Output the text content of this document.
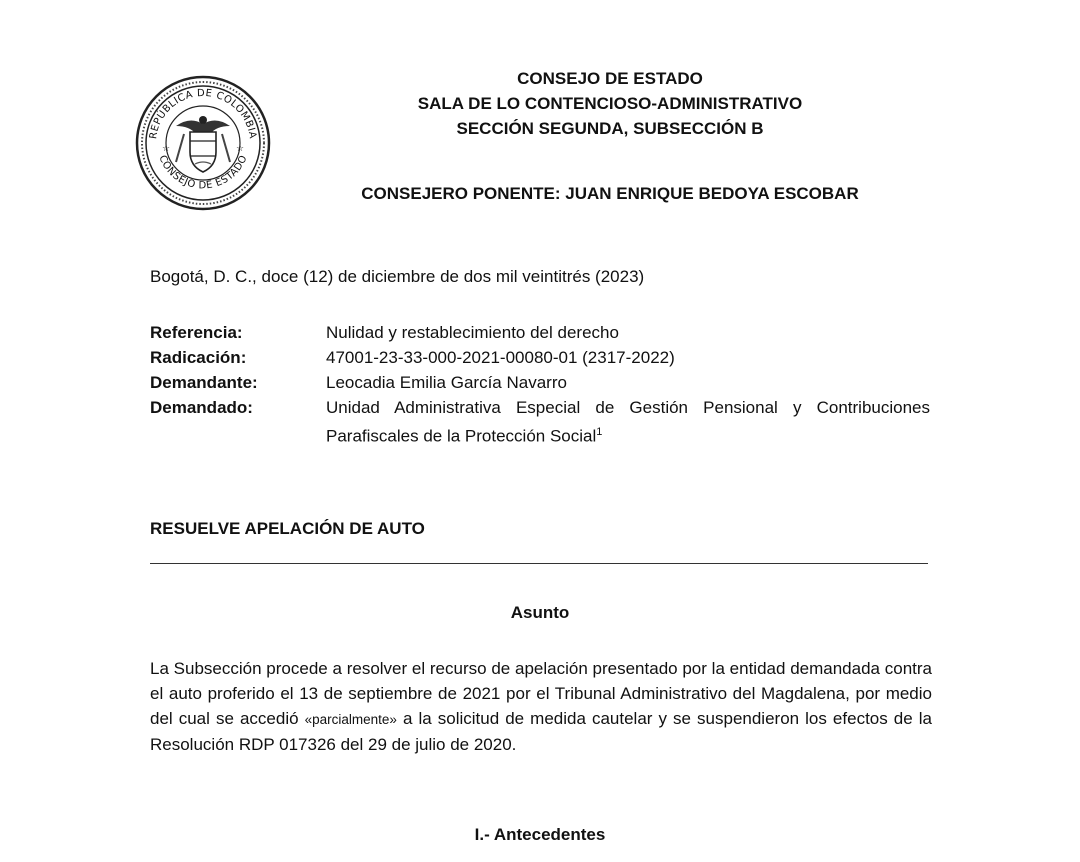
REPÚBLICA DE COLOMBIA
CONSEJO DE ESTADO
☆	☆
CONSEJO DE ESTADO
SALA DE LO CONTENCIOSO-ADMINISTRATIVO
SECCIÓN SEGUNDA, SUBSECCIÓN B
CONSEJERO PONENTE: JUAN ENRIQUE BEDOYA ESCOBAR
Bogotá, D. C., doce (12) de diciembre de dos mil veintitrés (2023)
Referencia:	Nulidad y restablecimiento del derecho
Radicación:	47001-23-33-000-2021-00080-01 (2317-2022)
Demandante:	Leocadia Emilia García Navarro
Demandado:	Unidad Administrativa Especial de Gestión Pensional y Contribuciones Parafiscales de la Protección Social$^1$
RESUELVE APELACIÓN DE AUTO
Asunto
La Subsección procede a resolver el recurso de apelación presentado por la entidad demandada contra el auto proferido el 13 de septiembre de 2021 por el Tribunal Administrativo del Magdalena, por medio del cual se accedió «parcialmente» a la solicitud de medida cautelar y se suspendieron los efectos de la Resolución RDP 017326 del 29 de julio de 2020.
I.- Antecedentes
